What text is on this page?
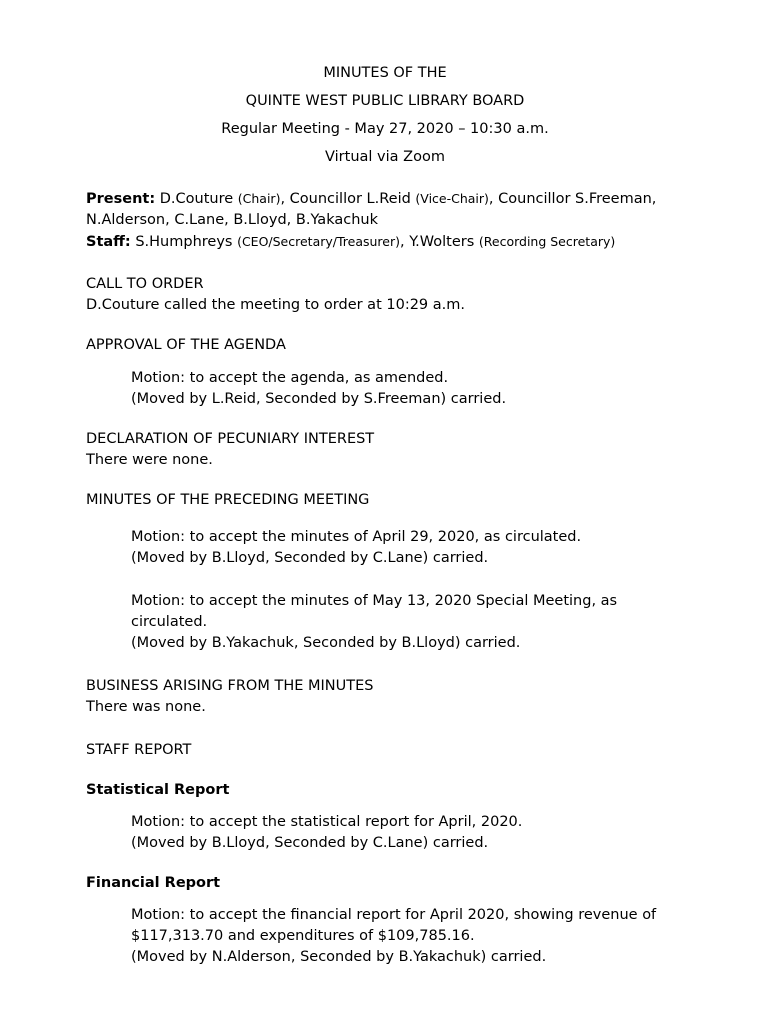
MINUTES OF THE
QUINTE WEST PUBLIC LIBRARY BOARD
Regular Meeting - May 27, 2020 – 10:30 a.m.
Virtual via Zoom

Present: D.Couture (Chair), Councillor L.Reid (Vice-Chair), Councillor S.Freeman,

N.Alderson, C.Lane, B.Lloyd, B.Yakachuk

Staff: S.Humphreys (CEO/Secretary/Treasurer), Y.Wolters (Recording Secretary)

CALL TO ORDER

D.Couture called the meeting to order at 10:29 a.m.

APPROVAL OF THE AGENDA

Motion: to accept the agenda, as amended.

(Moved by L.Reid, Seconded by S.Freeman) carried.

DECLARATION OF PECUNIARY INTEREST

There were none.

MINUTES OF THE PRECEDING MEETING

Motion: to accept the minutes of April 29, 2020, as circulated.

(Moved by B.Lloyd, Seconded by C.Lane) carried.

Motion: to accept the minutes of May 13, 2020 Special Meeting, as

circulated.

(Moved by B.Yakachuk, Seconded by B.Lloyd) carried.

BUSINESS ARISING FROM THE MINUTES

There was none.

STAFF REPORT
Statistical Report

Motion: to accept the statistical report for April, 2020.

(Moved by B.Lloyd, Seconded by C.Lane) carried.

Financial Report

Motion: to accept the financial report for April 2020, showing revenue of

$117,313.70 and expenditures of $109,785.16.

(Moved by N.Alderson, Seconded by B.Yakachuk) carried.
